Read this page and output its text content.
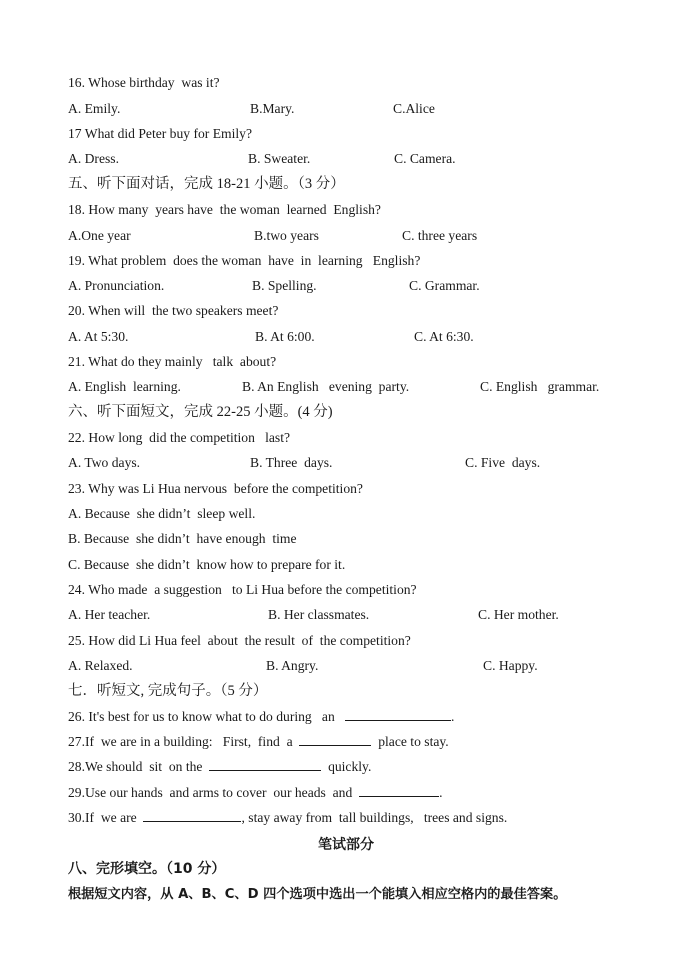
16. Whose birthday  was it?
A. Emily.	B.Mary.	C.Alice
17 What did Peter buy for Emily?
A. Dress.	B. Sweater.	C. Camera.
五、听下面对话，完成 18-21 小题。（3 分）
18. How many  years have  the woman  learned  English?
A.One year	B.two years	C. three years
19. What problem  does the woman  have  in  learning   English?
A. Pronunciation.	B. Spelling.	C. Grammar.
20. When will  the two speakers meet?
A. At 5:30.	B. At 6:00.	C. At 6:30.
21. What do they mainly   talk  about?
A. English  learning.	B. An English   evening  party.	C. English   grammar.
六、听下面短文，完成 22-25 小题。(4 分)
22. How long  did the competition   last?
A. Two days.	B. Three  days.	C. Five  days.
23. Why was Li Hua nervous  before the competition?
A. Because  she didn’t  sleep well.
B. Because  she didn’t  have enough  time
C. Because  she didn’t  know how to prepare for it.
24. Who made  a suggestion   to Li Hua before the competition?
A. Her teacher.	B. Her classmates.	C. Her mother.
25. How did Li Hua feel  about  the result  of  the competition?
A. Relaxed.	B. Angry.	C. Happy.
七．听短文, 完成句子。（5 分）
26. It's best for us to know what to do during   an	.
27.If  we are in a building:   First,  find  a	place to stay.
28.We should  sit  on the	quickly.
29.Use our hands  and arms to cover  our heads  and	.
30.If  we are	, stay away from  tall buildings,   trees and signs.
笔试部分
八、完形填空。（10 分）
根据短文内容，从 A、B、C、D 四个选项中选出一个能填入相应空格内的最佳答案。
